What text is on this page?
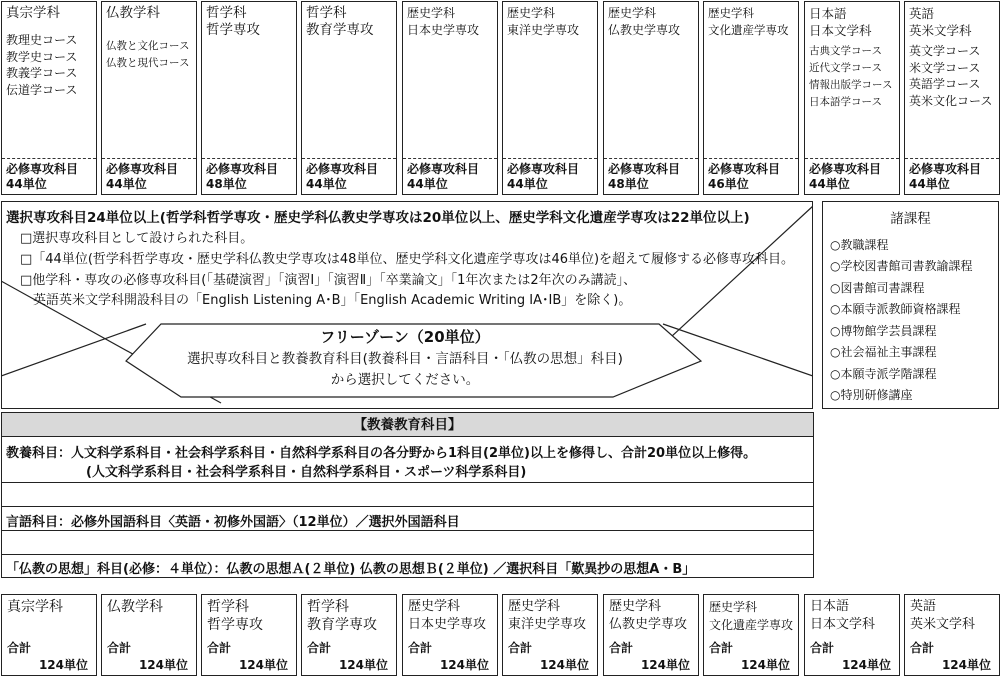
真宗学科
教理史コース
教学史コース
教義学コース
伝道学コース
必修専攻科目
44単位
仏教学科
仏教と文化コース
仏教と現代コース
必修専攻科目
44単位
哲学科
哲学専攻
必修専攻科目
48単位
哲学科
教育学専攻
必修専攻科目
44単位
歴史学科
日本史学専攻
必修専攻科目
44単位
歴史学科
東洋史学専攻
必修専攻科目
44単位
歴史学科
仏教史学専攻
必修専攻科目
48単位
歴史学科
文化遺産学専攻
必修専攻科目
46単位
日本語
日本文学科
古典文学コース
近代文学コース
情報出版学コース
日本語学コース
必修専攻科目
44単位
英語
英米文学科
英文学コース
米文学コース
英語学コース
英米文化コース
必修専攻科目
44単位
選択専攻科目24単位以上(哲学科哲学専攻・歴史学科仏教史学専攻は20単位以上、歴史学科文化遺産学専攻は22単位以上)
□選択専攻科目として設けられた科目。
□「44単位(哲学科哲学専攻・歴史学科仏教史学専攻は48単位、歴史学科文化遺産学専攻は46単位)を超えて履修する必修専攻科目。
□他学科・専攻の必修専攻科目(「基礎演習」「演習Ⅰ」「演習Ⅱ」「卒業論文」「1年次または2年次のみ講読」、
　英語英米文学科開設科目の「English Listening A･B」「English Academic Writing ⅠA･ⅠB」を除く)。
フリーゾーン（20単位）
選択専攻科目と教養教育科目(教養科目・言語科目・「仏教の思想」科目)
から選択してください。
諸課程
○教職課程
○学校図書館司書教諭課程
○図書館司書課程
○本願寺派教師資格課程
○博物館学芸員課程
○社会福祉主事課程
○本願寺派学階課程
○特別研修講座
【教養教育科目】
教養科目：人文科学系科目・社会科学系科目・自然科学系科目の各分野から1科目(2単位)以上を修得し、合計20単位以上修得。
(人文科学系科目・社会科学系科目・自然科学系科目・スポーツ科学系科目)
言語科目：必修外国語科目〈英語・初修外国語〉（12単位）／選択外国語科目
「仏教の思想」科目(必修：４単位）：仏教の思想Ａ(２単位) 仏教の思想Ｂ(２単位) ／選択科目「歎異抄の思想A・B」
真宗学科
合計
124単位
仏教学科
合計
124単位
哲学科
哲学専攻
合計
124単位
哲学科
教育学専攻
合計
124単位
歴史学科
日本史学専攻
合計
124単位
歴史学科
東洋史学専攻
合計
124単位
歴史学科
仏教史学専攻
合計
124単位
歴史学科
文化遺産学専攻
合計
124単位
日本語
日本文学科
合計
124単位
英語
英米文学科
合計
124単位
